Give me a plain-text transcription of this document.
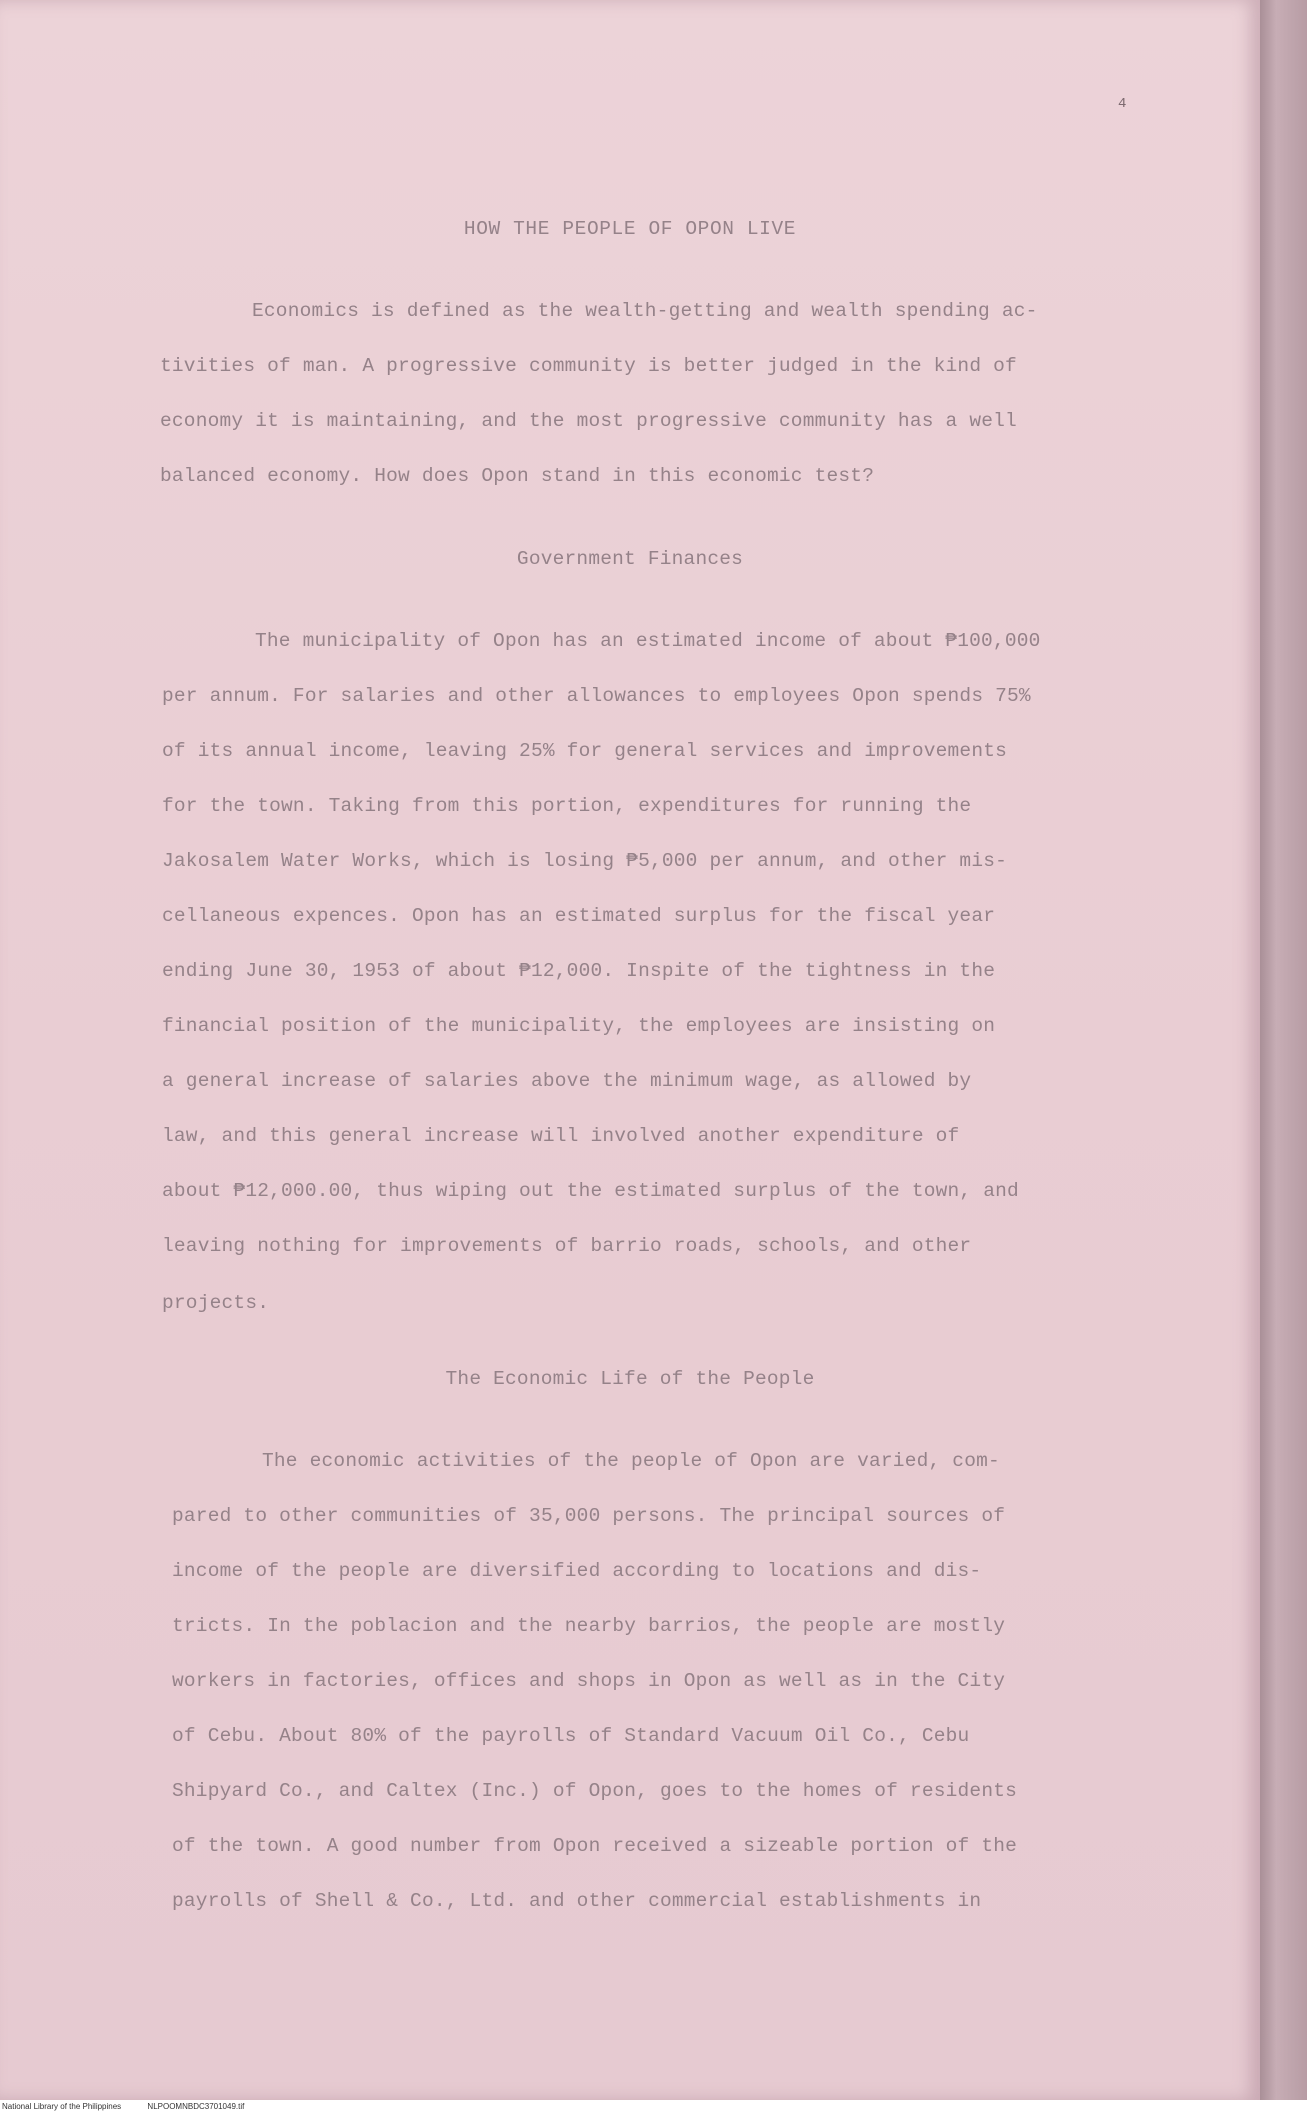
National Library of the Philippines	NLPOOMNBDC3701049.tif
4
HOW THE PEOPLE OF OPON LIVE
Economics is defined as the wealth-getting and wealth spending ac-
tivities of man. A progressive community is better judged in the kind of
economy it is maintaining, and the most progressive community has a well
balanced economy. How does Opon stand in this economic test?
Government Finances
The municipality of Opon has an estimated income of about ₱100,000
per annum. For salaries and other allowances to employees Opon spends 75%
of its annual income, leaving 25% for general services and improvements
for the town. Taking from this portion, expenditures for running the
Jakosalem Water Works, which is losing ₱5,000 per annum, and other mis-
cellaneous expences. Opon has an estimated surplus for the fiscal year
ending June 30, 1953 of about ₱12,000. Inspite of the tightness in the
financial position of the municipality, the employees are insisting on
a general increase of salaries above the minimum wage, as allowed by
law, and this general increase will involved another expenditure of
about ₱12,000.00, thus wiping out the estimated surplus of the town, and
leaving nothing for improvements of barrio roads, schools, and other
projects.
The Economic Life of the People
The economic activities of the people of Opon are varied, com-
pared to other communities of 35,000 persons. The principal sources of
income of the people are diversified according to locations and dis-
tricts. In the poblacion and the nearby barrios, the people are mostly
workers in factories, offices and shops in Opon as well as in the City
of Cebu. About 80% of the payrolls of Standard Vacuum Oil Co., Cebu
Shipyard Co., and Caltex (Inc.) of Opon, goes to the homes of residents
of the town. A good number from Opon received a sizeable portion of the
payrolls of Shell & Co., Ltd. and other commercial establishments in
